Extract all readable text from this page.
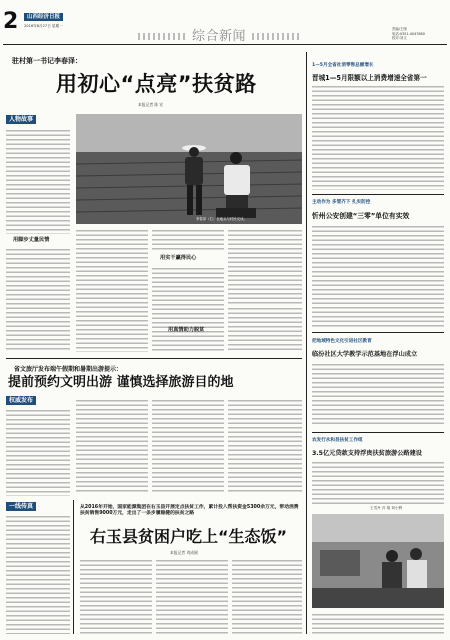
2	山西经济日报
2016年6月27日 星期一
综合新闻	责编/王刚
电话:0351-4047680
校对:刘文
驻村第一书记李春泽：
用初心“点亮”扶贫路
本报记者 陈 宏
人物故事
用脚步丈量民情
李春泽（右）在地头与村民交谈。
用实干赢得民心
用真情助力脱贫
省文旅厅发布端午假期和暑期出游提示：
提前预约文明出游 谨慎选择旅游目的地
权威发布
一线传真	从2016年开始，国家能源集团在右玉县开展定点扶贫工作，累计投入帮扶资金5300余万元，带动消费扶贫销售9000万元，走出了一条步履稳健的扶贫之路
右玉县贫困户吃上“生态饭”
本报记者 刘成刚
1—5月全省社消零售总额增长
晋城1—5月限额以上消费增速全省第一
主动作为 多管齐下 扎实防控
忻州公安创建“三零”单位有实效
把地域特色文化引进社区教育
临汾社区大学教学示范基地在浮山成立
农发行永和县扶贫工作组
3.5亿元贷款支持浮贵扶贫旅游公路建设
王雪丹 冯 翔 刘小利
